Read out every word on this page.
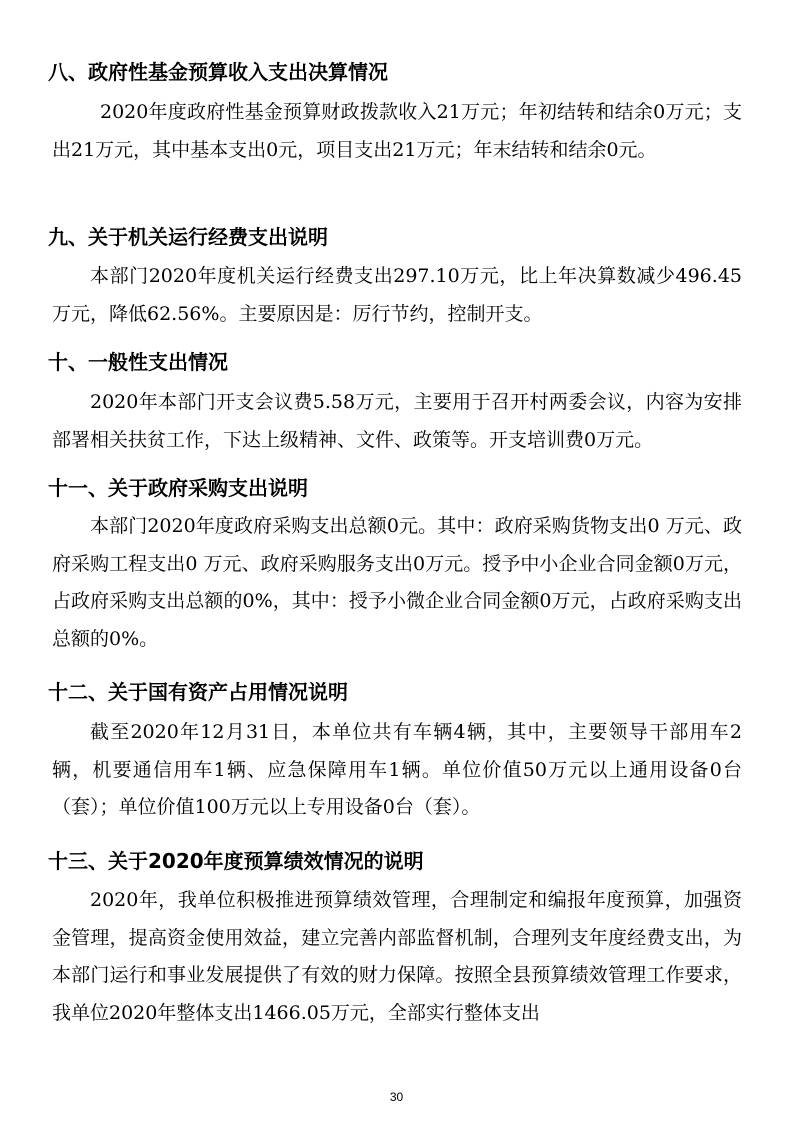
八、政府性基金预算收入支出决算情况
2020年度政府性基金预算财政拨款收入21万元；年初结转和结余0万元；支出21万元，其中基本支出0元，项目支出21万元；年末结转和结余0元。
九、关于机关运行经费支出说明
本部门2020年度机关运行经费支出297.10万元，比上年决算数减少496.45 万元，降低62.56%。主要原因是：厉行节约，控制开支。
十、一般性支出情况
2020年本部门开支会议费5.58万元，主要用于召开村两委会议，内容为安排部署相关扶贫工作，下达上级精神、文件、政策等。开支培训费0万元。
十一、关于政府采购支出说明
本部门2020年度政府采购支出总额0元。其中：政府采购货物支出0 万元、政府采购工程支出0 万元、政府采购服务支出0万元。授予中小企业合同金额0万元，占政府采购支出总额的0%，其中：授予小微企业合同金额0万元，占政府采购支出总额的0%。
十二、关于国有资产占用情况说明
截至2020年12月31日，本单位共有车辆4辆，其中，主要领导干部用车2辆，机要通信用车1辆、应急保障用车1辆。单位价值50万元以上通用设备0台（套）；单位价值100万元以上专用设备0台（套）。
十三、关于2020年度预算绩效情况的说明
2020年，我单位积极推进预算绩效管理，合理制定和编报年度预算，加强资金管理，提高资金使用效益，建立完善内部监督机制，合理列支年度经费支出，为本部门运行和事业发展提供了有效的财力保障。按照全县预算绩效管理工作要求，我单位2020年整体支出1466.05万元，全部实行整体支出
30
